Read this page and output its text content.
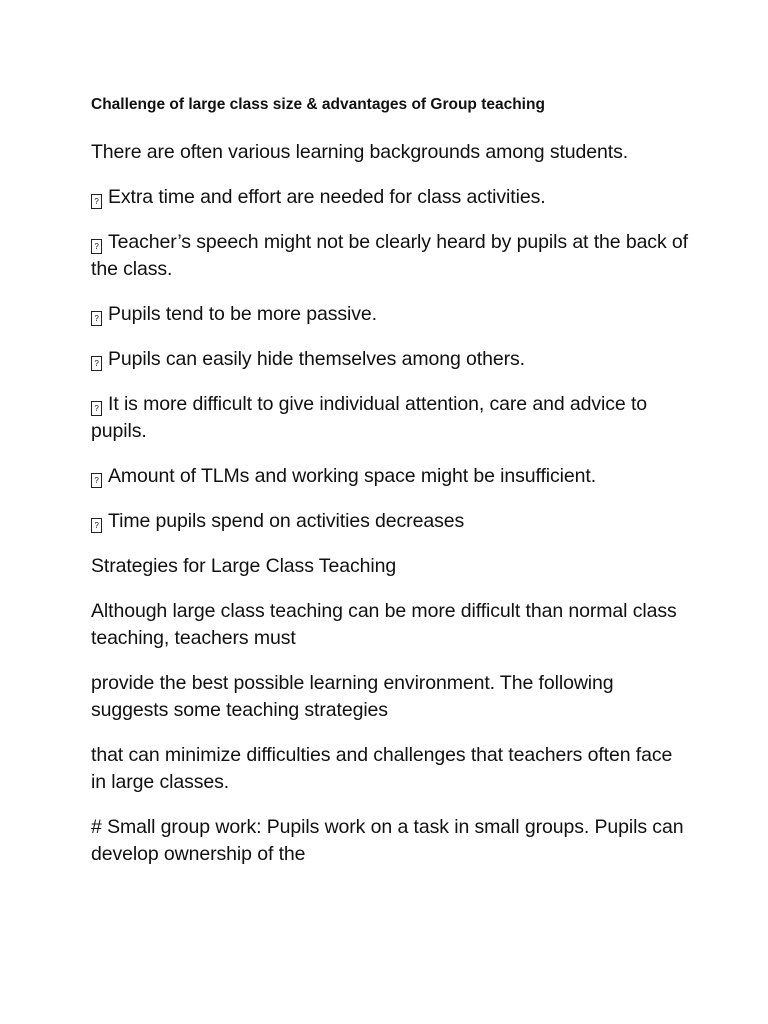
Challenge of large class size & advantages of Group teaching

There are often various learning backgrounds among students.

? Extra time and effort are needed for class activities.

? Teacher’s speech might not be clearly heard by pupils at the back of the class.

? Pupils tend to be more passive.

? Pupils can easily hide themselves among others.

? It is more difficult to give individual attention, care and advice to pupils.

? Amount of TLMs and working space might be insufficient.

? Time pupils spend on activities decreases

Strategies for Large Class Teaching

Although large class teaching can be more difficult than normal class teaching, teachers must

provide the best possible learning environment. The following suggests some teaching strategies

that can minimize difficulties and challenges that teachers often face in large classes.

# Small group work: Pupils work on a task in small groups. Pupils can develop ownership of the
